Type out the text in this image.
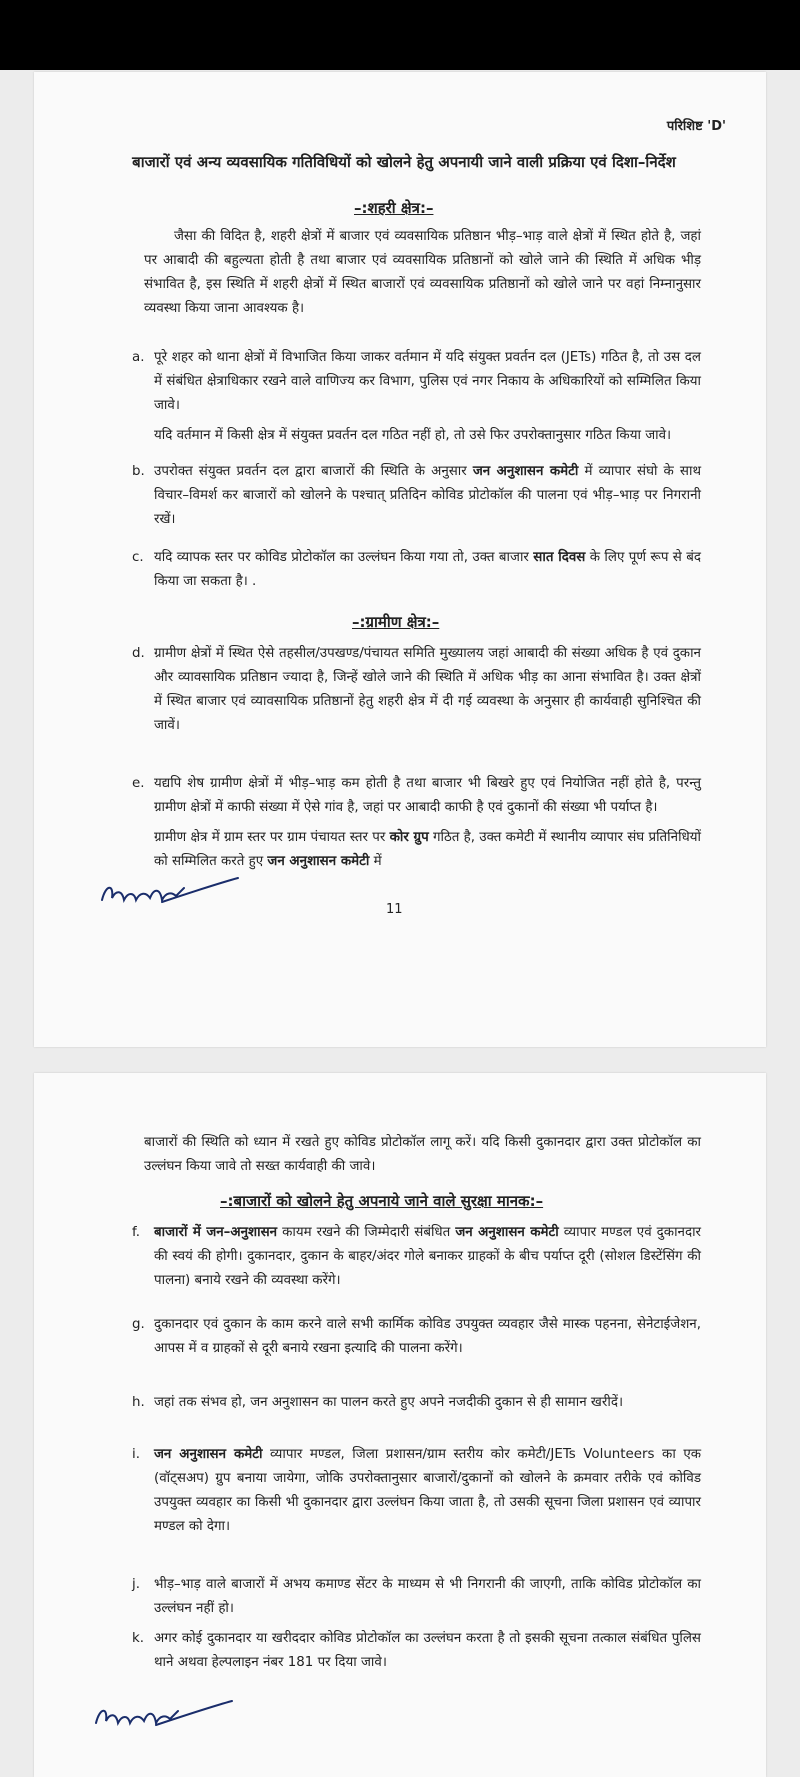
परिशिष्ट 'D'

बाजारों एवं अन्य व्यवसायिक गतिविधियों को खोलने हेतु अपनायी जाने वाली प्रक्रिया एवं दिशा–निर्देश

–:शहरी क्षेत्र:–

जैसा की विदित है, शहरी क्षेत्रों में बाजार एवं व्यवसायिक प्रतिष्ठान भीड़–भाड़ वाले क्षेत्रों में स्थित होते है, जहां पर आबादी की बहुल्यता होती है तथा बाजार एवं व्यवसायिक प्रतिष्ठानों को खोले जाने की स्थिति में अधिक भीड़ संभावित है, इस स्थिति में शहरी क्षेत्रों में स्थित बाजारों एवं व्यवसायिक प्रतिष्ठानों को खोले जाने पर वहां निम्नानुसार व्यवस्था किया जाना आवश्यक है।

a. पूरे शहर को थाना क्षेत्रों में विभाजित किया जाकर वर्तमान में यदि संयुक्त प्रवर्तन दल (JETs) गठित है, तो उस दल में संबंधित क्षेत्राधिकार रखने वाले वाणिज्य कर विभाग, पुलिस एवं नगर निकाय के अधिकारियों को सम्मिलित किया जावे।

यदि वर्तमान में किसी क्षेत्र में संयुक्त प्रवर्तन दल गठित नहीं हो, तो उसे फिर उपरोक्तानुसार गठित किया जावे।

b. उपरोक्त संयुक्त प्रवर्तन दल द्वारा बाजारों की स्थिति के अनुसार जन अनुशासन कमेटी में व्यापार संघो के साथ विचार–विमर्श कर बाजारों को खोलने के पश्चात् प्रतिदिन कोविड प्रोटोकॉल की पालना एवं भीड़–भाड़ पर निगरानी रखें।

c. यदि व्यापक स्तर पर कोविड प्रोटोकॉल का उल्लंघन किया गया तो, उक्त बाजार सात दिवस के लिए पूर्ण रूप से बंद किया जा सकता है। .

–:ग्रामीण क्षेत्र:–

d. ग्रामीण क्षेत्रों में स्थित ऐसे तहसील/उपखण्ड/पंचायत समिति मुख्यालय जहां आबादी की संख्या अधिक है एवं दुकान और व्यावसायिक प्रतिष्ठान ज्यादा है, जिन्हें खोले जाने की स्थिति में अधिक भीड़ का आना संभावित है। उक्त क्षेत्रों में स्थित बाजार एवं व्यावसायिक प्रतिष्ठानों हेतु शहरी क्षेत्र में दी गई व्यवस्था के अनुसार ही कार्यवाही सुनिश्चित की जावें।

e. यद्यपि शेष ग्रामीण क्षेत्रों में भीड़–भाड़ कम होती है तथा बाजार भी बिखरे हुए एवं नियोजित नहीं होते है, परन्तु ग्रामीण क्षेत्रों में काफी संख्या में ऐसे गांव है, जहां पर आबादी काफी है एवं दुकानों की संख्या भी पर्याप्त है।

ग्रामीण क्षेत्र में ग्राम स्तर पर ग्राम पंचायत स्तर पर कोर ग्रुप गठित है, उक्त कमेटी में स्थानीय व्यापार संघ प्रतिनिधियों को सम्मिलित करते हुए जन अनुशासन कमेटी में

11

बाजारों की स्थिति को ध्यान में रखते हुए कोविड प्रोटोकॉल लागू करें। यदि किसी दुकानदार द्वारा उक्त प्रोटोकॉल का उल्लंघन किया जावे तो सख्त कार्यवाही की जावे।

–:बाजारों को खोलने हेतु अपनाये जाने वाले सुरक्षा मानक:–

f. बाजारों में जन–अनुशासन कायम रखने की जिम्मेदारी संबंधित जन अनुशासन कमेटी व्यापार मण्डल एवं दुकानदार की स्वयं की होगी। दुकानदार, दुकान के बाहर/अंदर गोले बनाकर ग्राहकों के बीच पर्याप्त दूरी (सोशल डिस्टेंसिंग की पालना) बनाये रखने की व्यवस्था करेंगे।

g. दुकानदार एवं दुकान के काम करने वाले सभी कार्मिक कोविड उपयुक्त व्यवहार जैसे मास्क पहनना, सेनेटाईजेशन, आपस में व ग्राहकों से दूरी बनाये रखना इत्यादि की पालना करेंगे।

h. जहां तक संभव हो, जन अनुशासन का पालन करते हुए अपने नजदीकी दुकान से ही सामान खरीदें।

i. जन अनुशासन कमेटी व्यापार मण्डल, जिला प्रशासन/ग्राम स्तरीय कोर कमेटी/JETs Volunteers का एक (वॉट्सअप) ग्रुप बनाया जायेगा, जोकि उपरोक्तानुसार बाजारों/दुकानों को खोलने के क्रमवार तरीके एवं कोविड उपयुक्त व्यवहार का किसी भी दुकानदार द्वारा उल्लंघन किया जाता है, तो उसकी सूचना जिला प्रशासन एवं व्यापार मण्डल को देगा।

j. भीड़–भाड़ वाले बाजारों में अभय कमाण्ड सेंटर के माध्यम से भी निगरानी की जाएगी, ताकि कोविड प्रोटोकॉल का उल्लंघन नहीं हो।

k. अगर कोई दुकानदार या खरीददार कोविड प्रोटोकॉल का उल्लंघन करता है तो इसकी सूचना तत्काल संबंधित पुलिस थाने अथवा हेल्पलाइन नंबर 181 पर दिया जावे।
